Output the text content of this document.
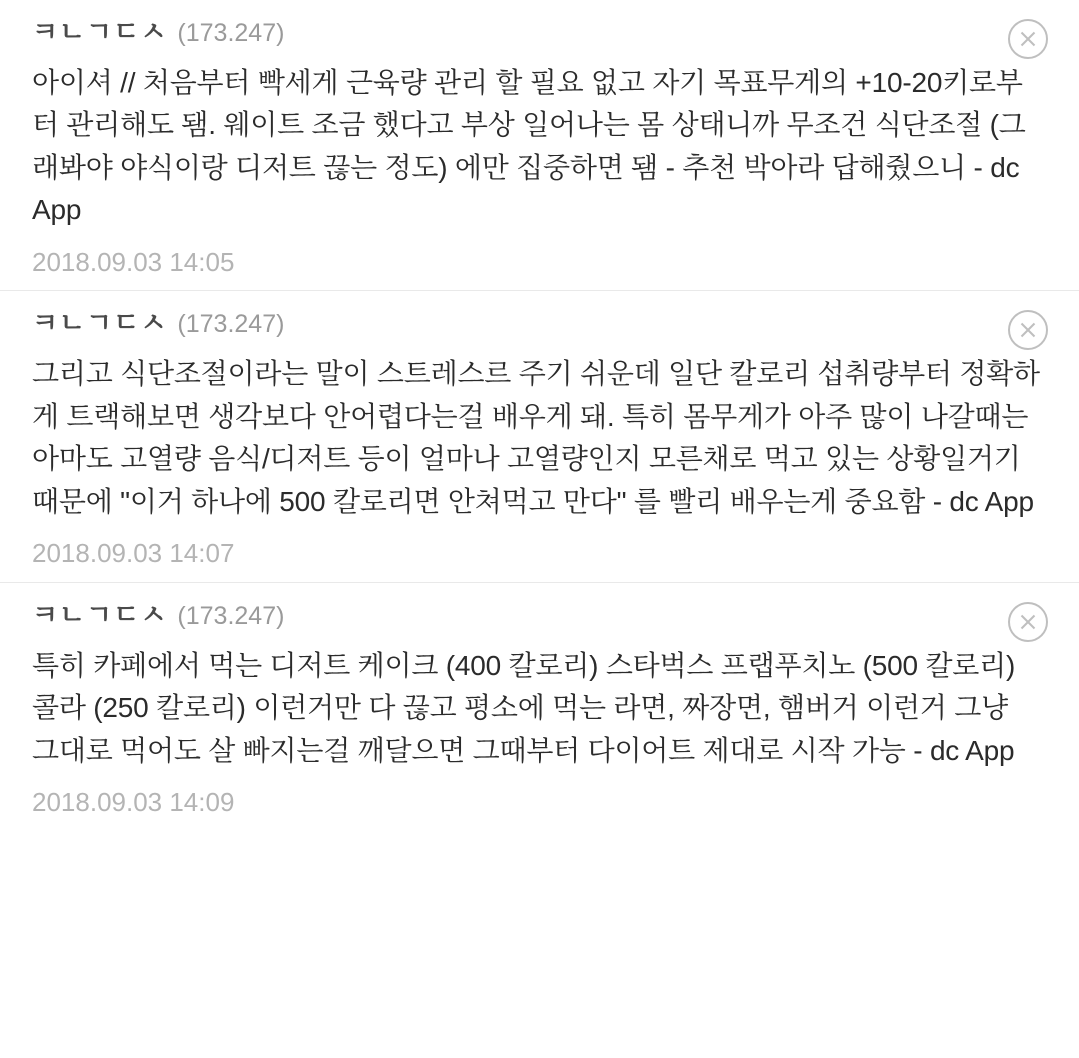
ㅋㄴㄱㄷㅅ (173.247)

아이셔 // 처음부터 빡세게 근육량 관리 할 필요 없고 자기 목표무게의 +10-20키로부터 관리해도 됌. 웨이트 조금 했다고 부상 일어나는 몸 상태니까 무조건 식단조절 (그래봐야 야식이랑 디저트 끊는 정도) 에만 집중하면 됌 - 추천 박아라 답해줬으니 - dc App

2018.09.03 14:05
ㅋㄴㄱㄷㅅ (173.247)

그리고 식단조절이라는 말이 스트레스르 주기 쉬운데 일단 칼로리 섭취량부터 정확하게 트랙해보면 생각보다 안어렵다는걸 배우게 돼. 특히 몸무게가 아주 많이 나갈때는 아마도 고열량 음식/디저트 등이 얼마나 고열량인지 모른채로 먹고 있는 상황일거기 때문에 "이거 하나에 500 칼로리면 안쳐먹고 만다" 를 빨리 배우는게 중요함 - dc App

2018.09.03 14:07
ㅋㄴㄱㄷㅅ (173.247)

특히 카페에서 먹는 디저트 케이크 (400 칼로리) 스타벅스 프랩푸치노 (500 칼로리) 콜라 (250 칼로리) 이런거만 다 끊고 평소에 먹는 라면, 짜장면, 햄버거 이런거 그냥 그대로 먹어도 살 빠지는걸 깨달으면 그때부터 다이어트 제대로 시작 가능 - dc App

2018.09.03 14:09
